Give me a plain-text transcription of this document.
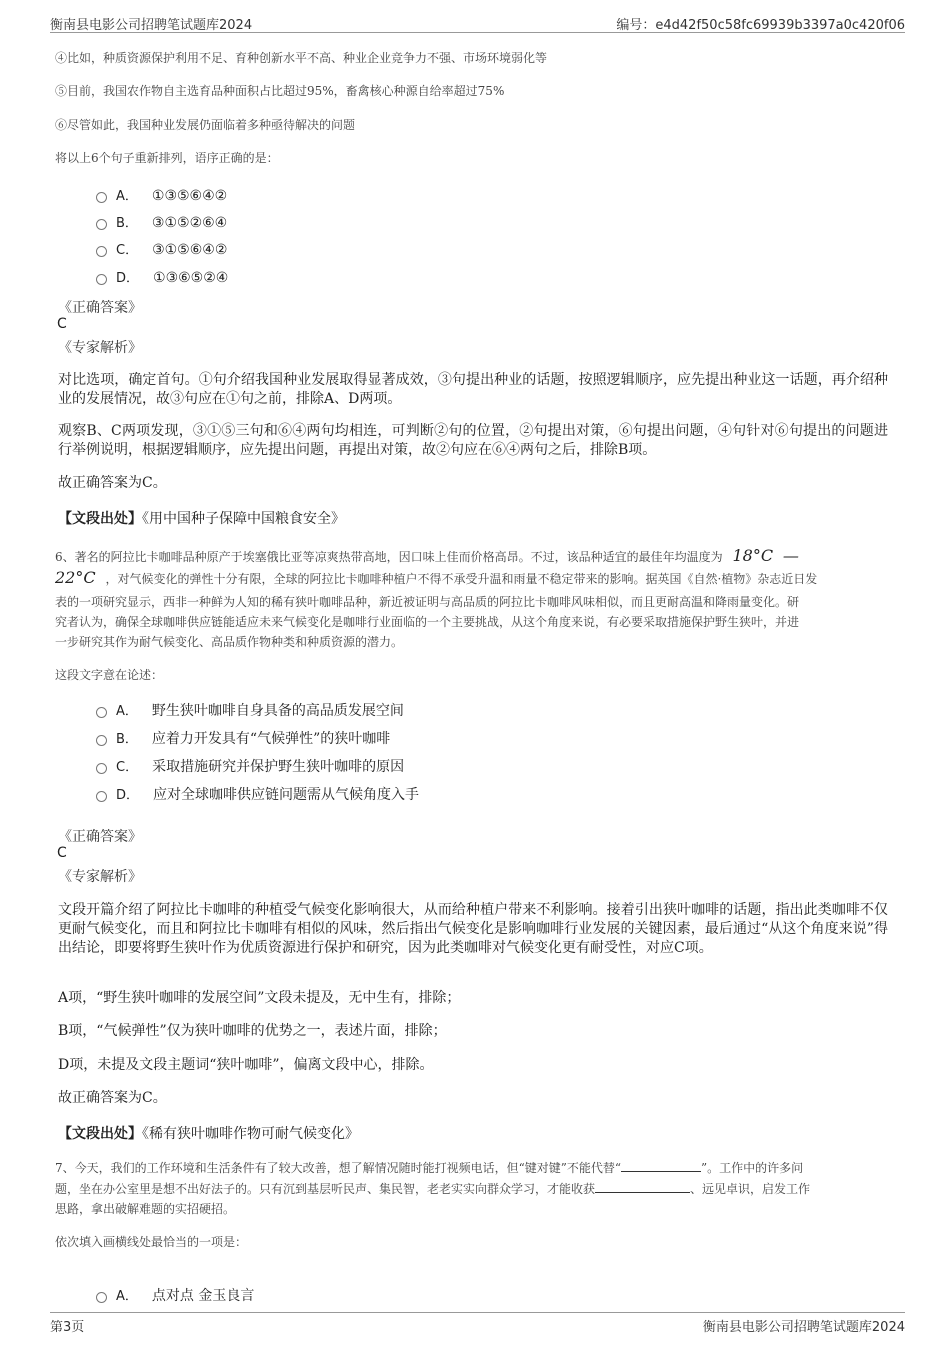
衡南县电影公司招聘笔试题库2024	编号：e4d42f50c58fc69939b3397a0c420f06
④比如，种质资源保护利用不足、育种创新水平不高、种业企业竞争力不强、市场环境弱化等
⑤目前，我国农作物自主选育品种面积占比超过95%，畜禽核心种源自给率超过75%
⑥尽管如此，我国种业发展仍面临着多种亟待解决的问题
将以上6个句子重新排列，语序正确的是：
A． ①③⑤⑥④②
B． ③①⑤②⑥④
C． ③①⑤⑥④②
D． ①③⑥⑤②④
《正确答案》
C
《专家解析》
对比选项，确定首句。①句介绍我国种业发展取得显著成效，③句提出种业的话题，按照逻辑顺序，应先提出种业这一话题，再介绍种业的发展情况，故③句应在①句之前，排除A、D两项。
观察B、C两项发现，③①⑤三句和⑥④两句均相连，可判断②句的位置，②句提出对策，⑥句提出问题，④句针对⑥句提出的问题进行举例说明，根据逻辑顺序，应先提出问题，再提出对策，故②句应在⑥④两句之后，排除B项。
故正确答案为C。
【文段出处】《用中国种子保障中国粮食安全》
6、著名的阿拉比卡咖啡品种原产于埃塞俄比亚等凉爽热带高地，因口味上佳而价格高昂。不过，该品种适宜的最佳年均温度为 18°C —
22°C ，对气候变化的弹性十分有限，全球的阿拉比卡咖啡种植户不得不承受升温和雨量不稳定带来的影响。据英国《自然·植物》杂志近日发
表的一项研究显示，西非一种鲜为人知的稀有狭叶咖啡品种，新近被证明与高品质的阿拉比卡咖啡风味相似，而且更耐高温和降雨量变化。研
究者认为，确保全球咖啡供应链能适应未来气候变化是咖啡行业面临的一个主要挑战，从这个角度来说，有必要采取措施保护野生狭叶，并进
一步研究其作为耐气候变化、高品质作物种类和种质资源的潜力。
这段文字意在论述：
A． 野生狭叶咖啡自身具备的高品质发展空间
B． 应着力开发具有“气候弹性”的狭叶咖啡
C． 采取措施研究并保护野生狭叶咖啡的原因
D． 应对全球咖啡供应链问题需从气候角度入手
《正确答案》
C
《专家解析》
文段开篇介绍了阿拉比卡咖啡的种植受气候变化影响很大，从而给种植户带来不利影响。接着引出狭叶咖啡的话题，指出此类咖啡不仅更耐气候变化，而且和阿拉比卡咖啡有相似的风味，然后指出气候变化是影响咖啡行业发展的关键因素，最后通过“从这个角度来说”得出结论，即要将野生狭叶作为优质资源进行保护和研究，因为此类咖啡对气候变化更有耐受性，对应C项。
A项，“野生狭叶咖啡的发展空间”文段未提及，无中生有，排除；
B项，“气候弹性”仅为狭叶咖啡的优势之一，表述片面，排除；
D项，未提及文段主题词“狭叶咖啡”，偏离文段中心，排除。
故正确答案为C。
【文段出处】《稀有狭叶咖啡作物可耐气候变化》
7、今天，我们的工作环境和生活条件有了较大改善，想了解情况随时能打视频电话，但“键对键”不能代替“	”。工作中的许多问
题，坐在办公室里是想不出好法子的。只有沉到基层听民声、集民智，老老实实向群众学习，才能收获	、远见卓识，启发工作
思路，拿出破解难题的实招硬招。
依次填入画横线处最恰当的一项是：
A． 点对点 金玉良言
第3页	衡南县电影公司招聘笔试题库2024
